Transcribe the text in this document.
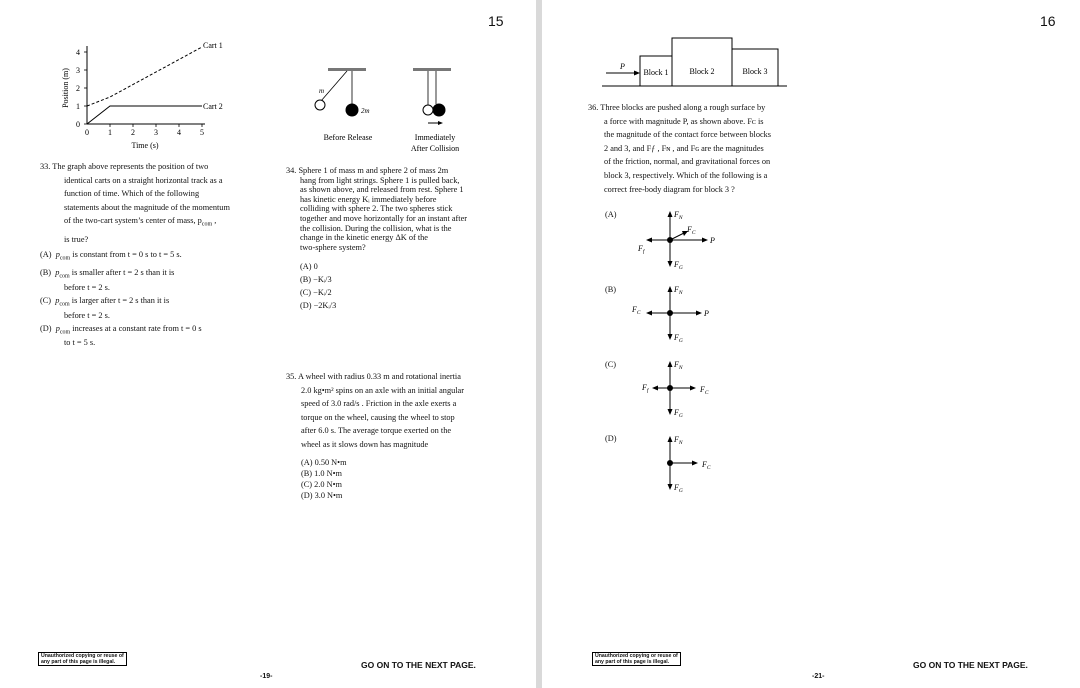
15
0
1
2
3
4
0 1 2 3 4 5
Position (m)
Time (s)
Cart 1
Cart 2
33. The graph above represents the position of two
identical carts on a straight horizontal track as a
function of time. Which of the following
statements about the magnitude of the momentum
of the two-cart system’s center of mass, $p_{com}$ ,
is true?
(A) $p_{com}$ is constant from t = 0 s to t = 5 s.
(B) $p_{com}$ is smaller after t = 2 s than it is
before t = 2 s.
(C) $p_{com}$ is larger after t = 2 s than it is
before t = 2 s.
(D) $p_{com}$ increases at a constant rate from t = 0 s
to t = 5 s.
m
2m
Before Release	Immediately
After Collision
34. Sphere 1 of mass m and sphere 2 of mass 2m
hang from light strings. Sphere 1 is pulled back,
as shown above, and released from rest. Sphere 1
has kinetic energy Kᵢ immediately before
colliding with sphere 2. The two spheres stick
together and move horizontally for an instant after
the collision. During the collision, what is the
change in the kinetic energy ΔK of the
two-sphere system?
(A) 0
(B) −Kᵢ/3
(C) −Kᵢ/2
(D) −2Kᵢ/3
35. A wheel with radius 0.33 m and rotational inertia
2.0 kg•m² spins on an axle with an initial angular
speed of 3.0 rad/s . Friction in the axle exerts a
torque on the wheel, causing the wheel to stop
after 6.0 s. The average torque exerted on the
wheel as it slows down has magnitude
(A) 0.50 N•m
(B) 1.0 N•m
(C) 2.0 N•m
(D) 3.0 N•m
Unauthorized copying or reuse of
any part of this page is illegal.	GO ON TO THE NEXT PAGE.
-19-
16
P
Block 1	Block 2	Block 3
36. Three blocks are pushed along a rough surface by
a force with magnitude P, as shown above. Fᴄ is
the magnitude of the contact force between blocks
2 and 3, and Fƒ , Fɴ , and Fɢ are the magnitudes
of the friction, normal, and gravitational forces on
block 3, respectively. Which of the following is a
correct free-body diagram for block 3 ?
(A)
(B)
(C)
(D)
$F_N$
$F_G$
$F_f$
$F_C$
P
$F_N$
$F_G$
$F_C$	P
$F_N$
$F_G$
$F_f$	$F_C$
$F_N$
$F_G$
$F_C$
Unauthorized copying or reuse of
any part of this page is illegal.	GO ON TO THE NEXT PAGE.
-21-
